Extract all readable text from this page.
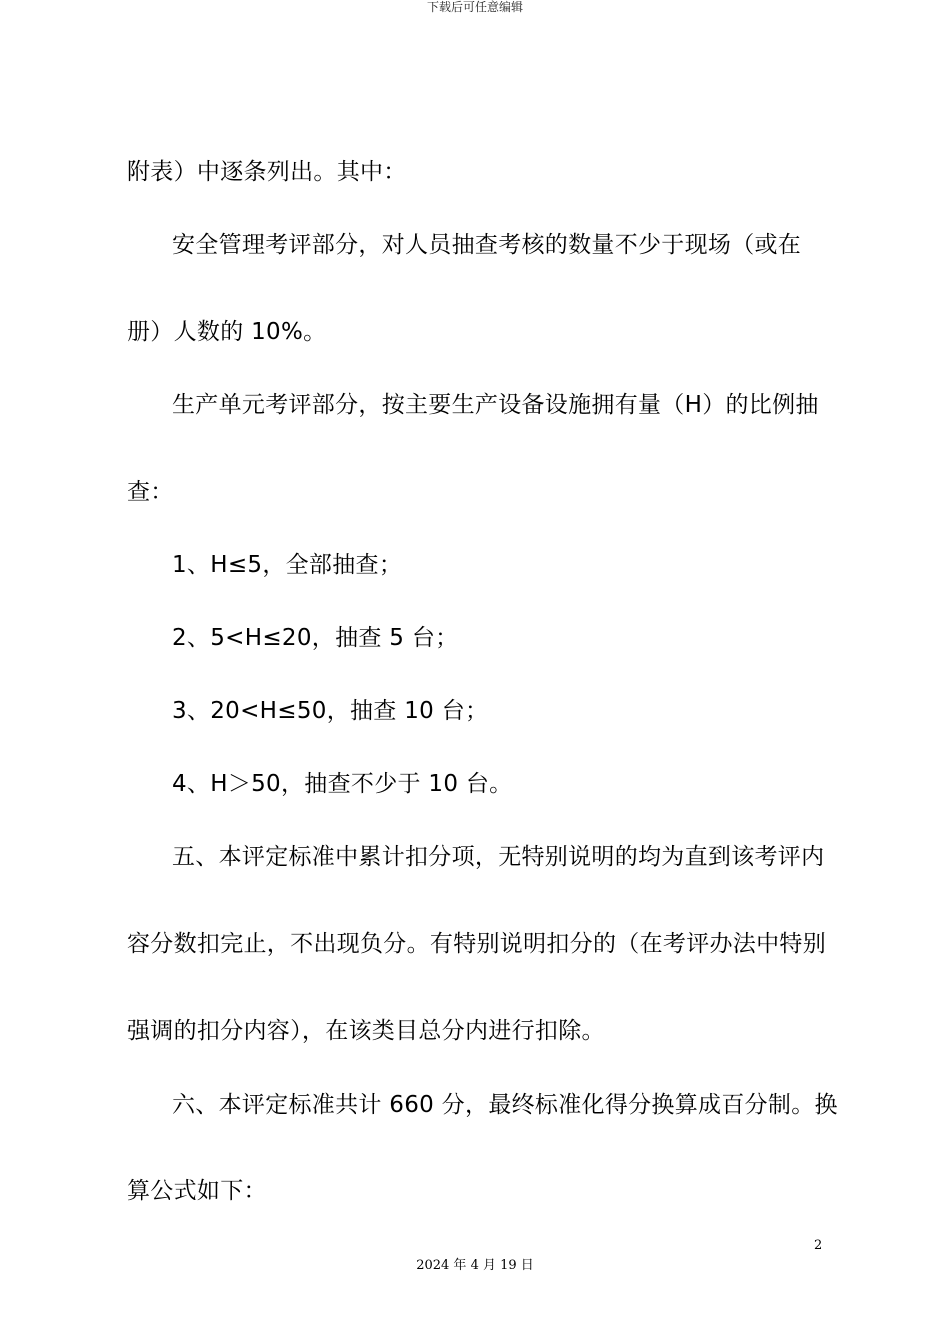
下载后可任意编辑
附表）中逐条列出。其中：
安全管理考评部分，对人员抽查考核的数量不少于现场（或在
册）人数的 10%。
生产单元考评部分，按主要生产设备设施拥有量（H）的比例抽
查：
1、H≤5，全部抽查；
2、5<H≤20，抽查 5 台；
3、20<H≤50，抽查 10 台；
4、H＞50，抽查不少于 10 台。
五、本评定标准中累计扣分项，无特别说明的均为直到该考评内
容分数扣完止，不出现负分。有特别说明扣分的（在考评办法中特别
强调的扣分内容），在该类目总分内进行扣除。
六、本评定标准共计 660 分，最终标准化得分换算成百分制。换
算公式如下：
2
2024 年 4 月 19 日
